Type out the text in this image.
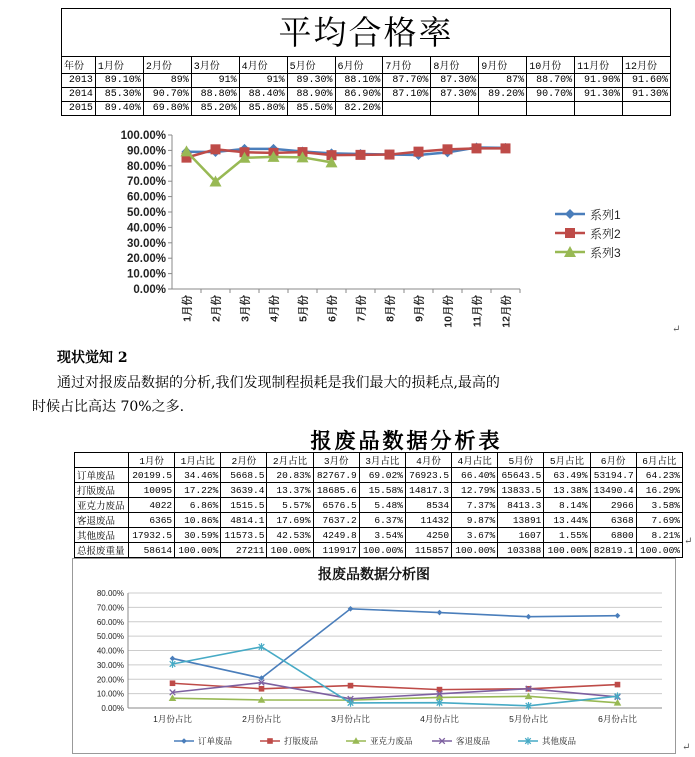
平均合格率
年份	1月份	2月份	3月份	4月份	5月份	6月份	7月份	8月份	9月份	10月份	11月份	12月份
2013	89.10%	89%	91%	91%	89.30%	88.10%	87.70%	87.30%	87%	88.70%	91.90%	91.60%
2014	85.30%	90.70%	88.80%	88.40%	88.90%	86.90%	87.10%	87.30%	89.20%	90.70%	91.30%	91.30%
2015	89.40%	69.80%	85.20%	85.80%	85.50%	82.20%						
0.00%
10.00%
20.00%
30.00%
40.00%
50.00%
60.00%
70.00%
80.00%
90.00%
100.00%
1月份 2月份 3月份 4月份 5月份 6月份 7月份 8月份 9月份 10月份 11月份 12月份
系列1
系列2
系列3
↵
现状觉知 2
通过对报废品数据的分析,我们发现制程损耗是我们最大的损耗点,最高的
时候占比高达 70%之多.
报废品数据分析表
	1月份	1月占比	2月份	2月占比	3月份	3月占比	4月份	4月占比	5月份	5月占比	6月份	6月占比
订单废品	20199.5	34.46%	5668.5	20.83%	82767.9	69.02%	76923.5	66.40%	65643.5	63.49%	53194.7	64.23%
打版废品	10095	17.22%	3639.4	13.37%	18685.6	15.58%	14817.3	12.79%	13833.5	13.38%	13490.4	16.29%
亚克力废品	4022	6.86%	1515.5	5.57%	6576.5	5.48%	8534	7.37%	8413.3	8.14%	2966	3.58%
客退废品	6365	10.86%	4814.1	17.69%	7637.2	6.37%	11432	9.87%	13891	13.44%	6368	7.69%
其他废品	17932.5	30.59%	11573.5	42.53%	4249.8	3.54%	4250	3.67%	1607	1.55%	6800	8.21%
总报废重量	58614	100.00%	27211	100.00%	119917	100.00%	115857	100.00%	103388	100.00%	82819.1	100.00%
↵
报废品数据分析图
0.00%
10.00%
20.00%
30.00%
40.00%
50.00%
60.00%
70.00%
80.00%
1月份占比	2月份占比	3月份占比	4月份占比	5月份占比	6月份占比
订单废品	打版废品	亚克力废品	客退废品	其他废品
↵
